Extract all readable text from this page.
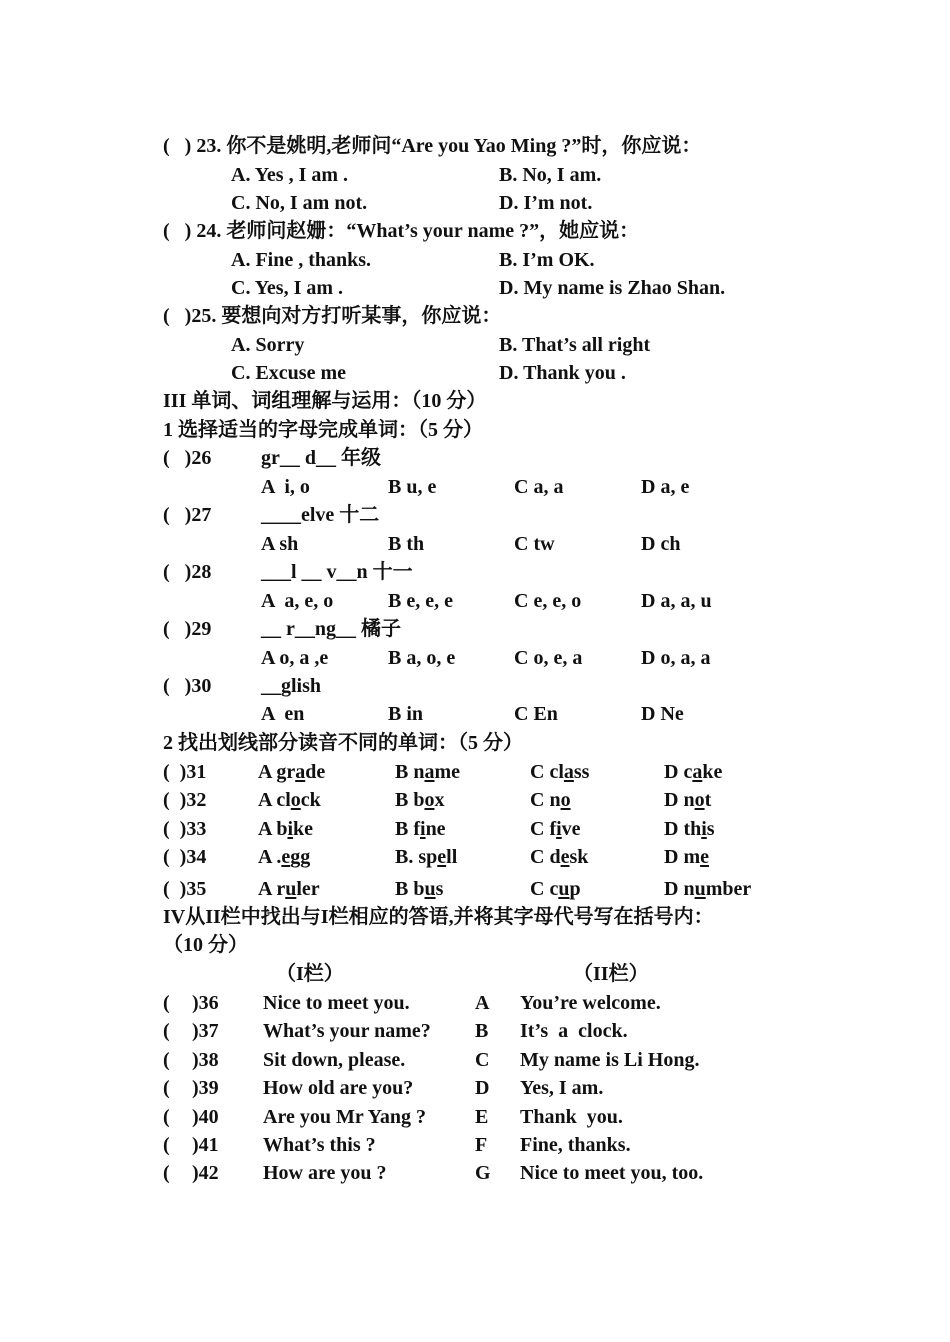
(   ) 23. 你不是姚明,老师问“Are you Yao Ming ?”时，你应说：
A. Yes , I am .	B. No, I am.
C. No, I am not.	D. I’m not.
(   ) 24. 老师问赵姗：“What’s your name ?”，她应说：
A. Fine , thanks.	B. I’m OK.
C. Yes, I am .	D. My name is Zhao Shan.
(   )25. 要想向对方打听某事，你应说：
A. Sorry	B. That’s all right
C. Excuse me	D. Thank you .
III 单词、词组理解与运用：（10 分）
1 选择适当的字母完成单词：（5 分）
(   )26 gr__ d__ 年级
A  i, o	B u, e	C a, a	D a, e
(   )27 ____elve 十二
A sh	B th	C tw	D ch
(   )28 ___l __ v__n 十一
A  a, e, o	B e, e, e	C e, e, o	D a, a, u
(   )29 __ r__ng__ 橘子
A o, a ,e	B a, o, e	C o, e, a	D o, a, a
(   )30 __glish
A  en	B in	C En	D Ne
2 找出划线部分读音不同的单词：（5 分）
(  )31	A grade	B name	C class	D cake
(  )32	A clock	B box	C no	D not
(  )33	A bike	B fine	C five	D this
(  )34	A .egg	B. spell	C desk	D me
(  )35	A ruler	B bus	C cup	D number
IV从II栏中找出与I栏相应的答语,并将其字母代号写在括号内：
（10 分）
（I栏）	（II栏）
( )36 Nice to meet you.	A You’re welcome.
( )37 What’s your name? B It’s  a  clock.
( )38 Sit down, please.	C My name is Li Hong.
( )39 How old are you?	D Yes, I am.
( )40 Are you Mr Yang ? E Thank  you.
( )41 What’s this ?	F Fine, thanks.
( )42 How are you ?	G Nice to meet you, too.
